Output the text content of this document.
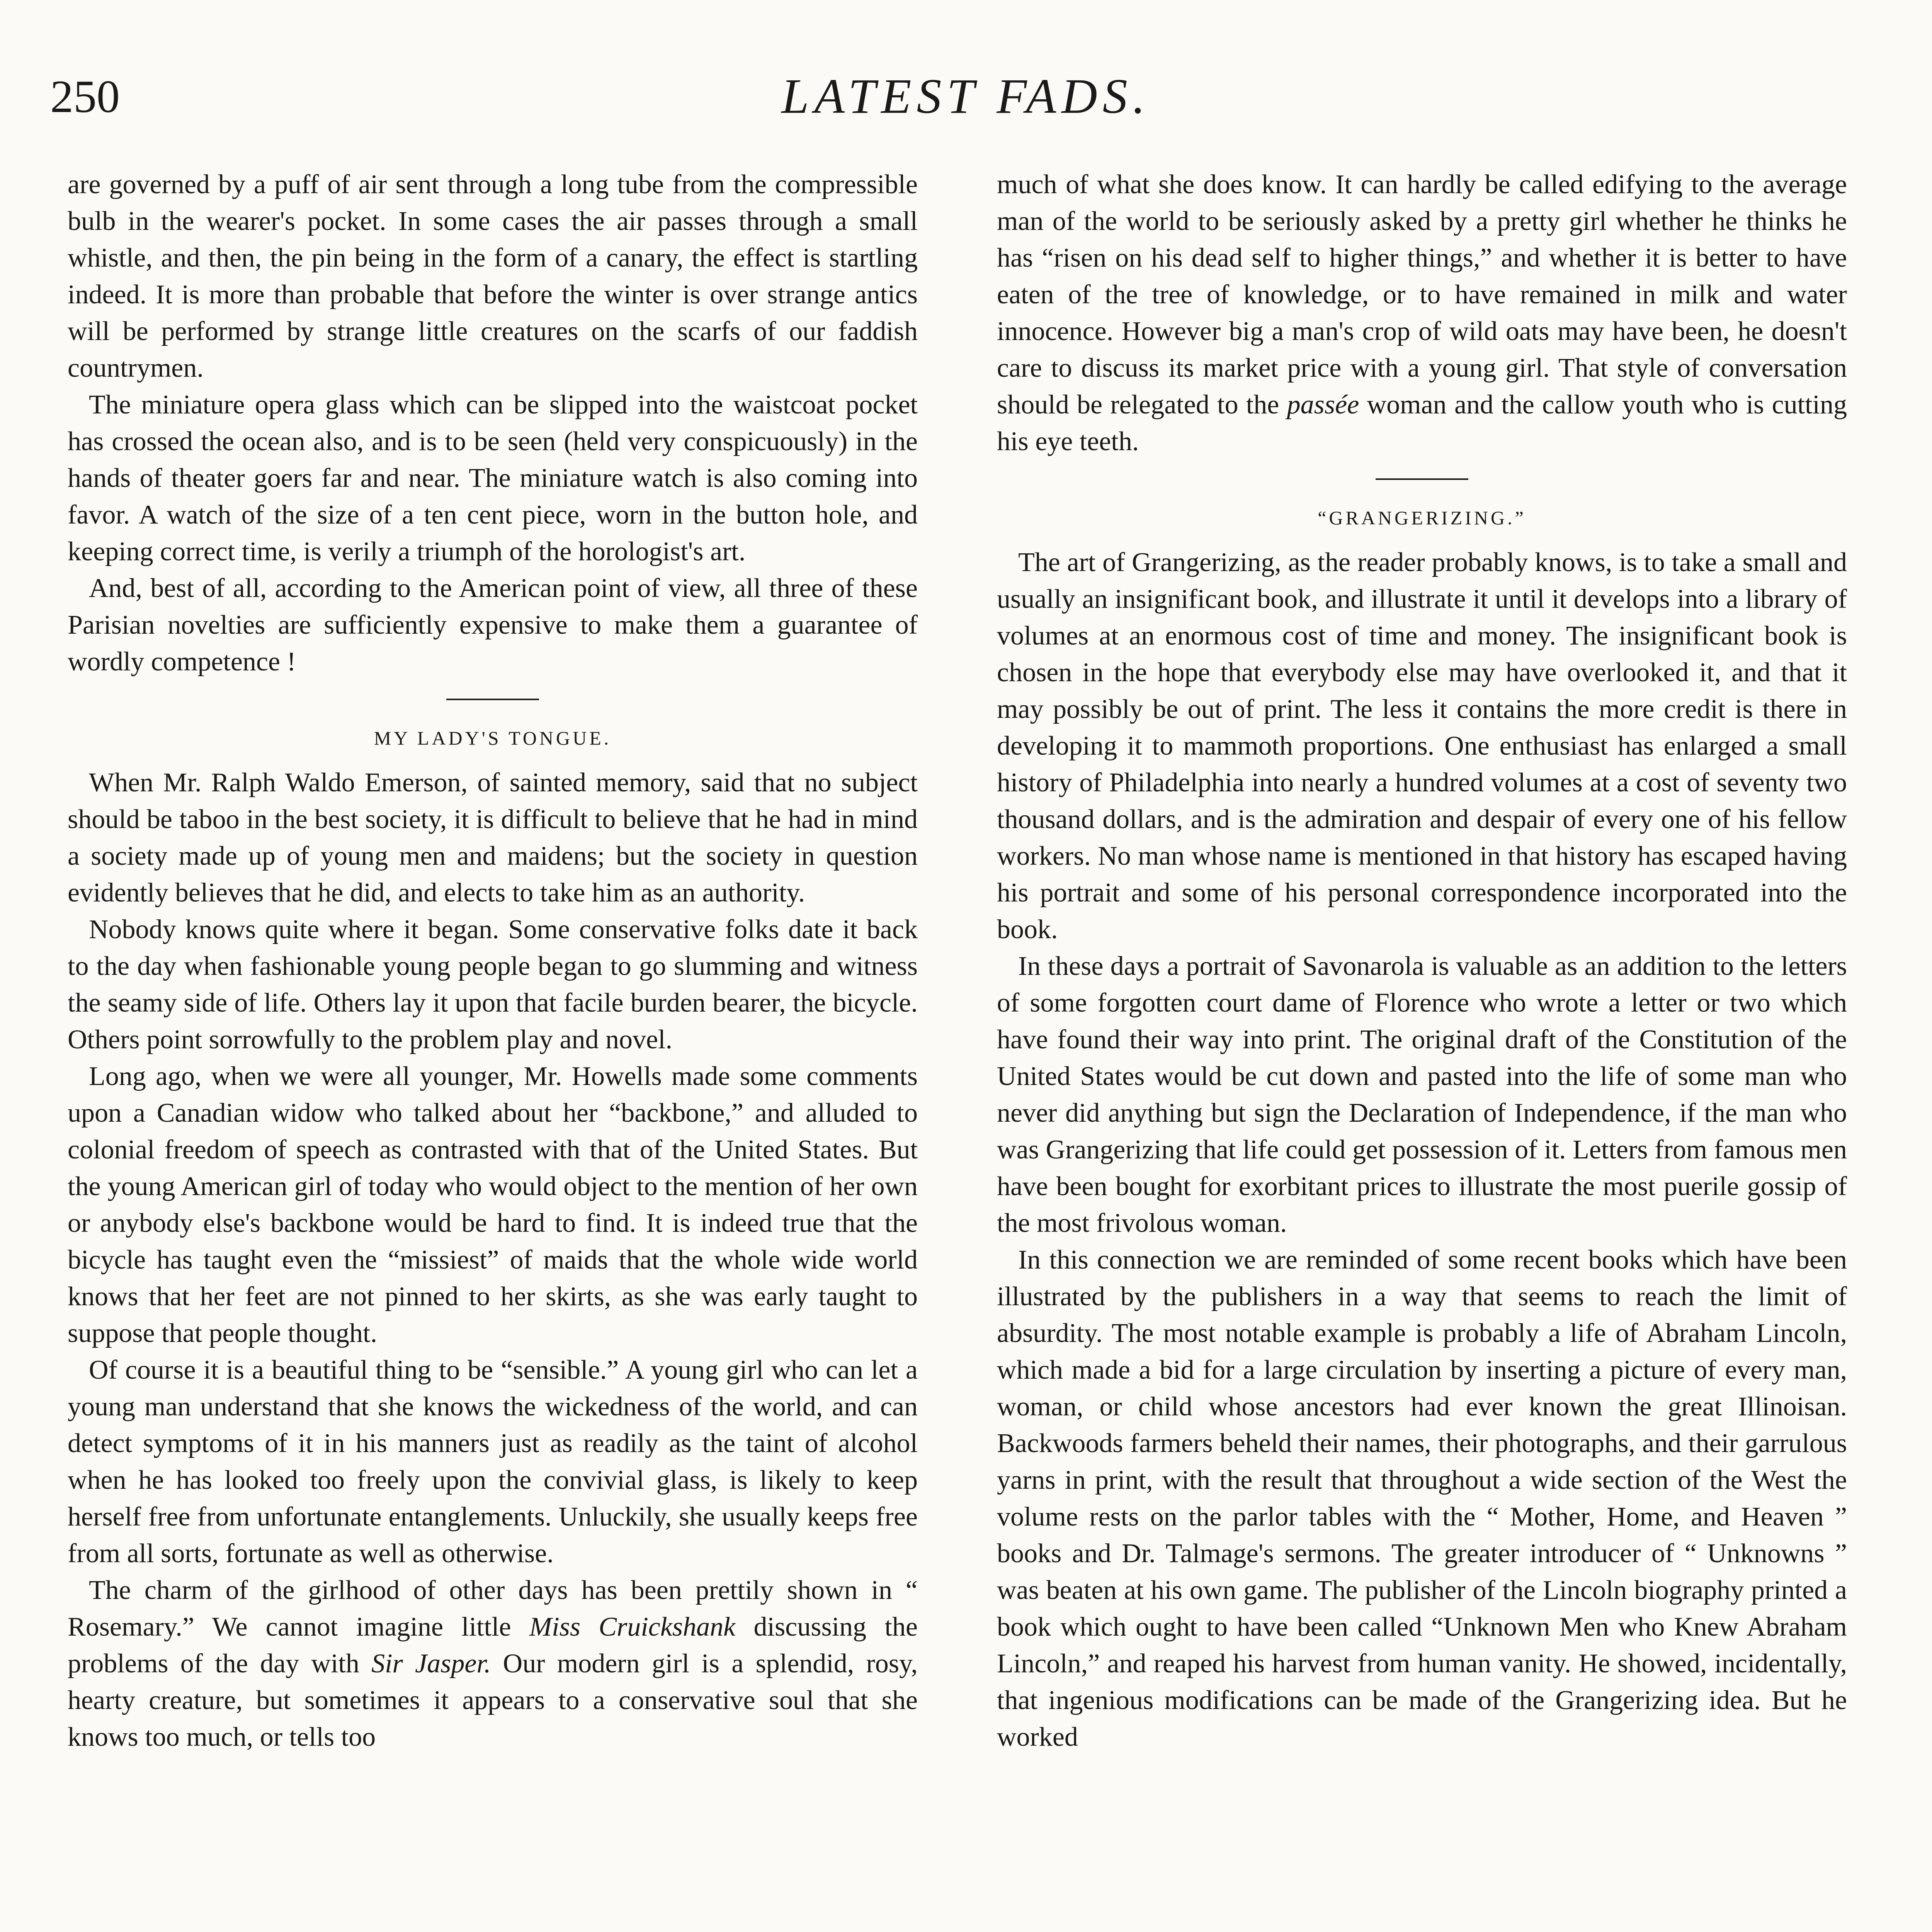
250	LATEST FADS.

are governed by a puff of air sent through a long tube from the compressible bulb in the wearer's pocket. In some cases the air passes through a small whistle, and then, the pin being in the form of a canary, the effect is startling indeed. It is more than probable that before the winter is over strange antics will be performed by strange little creatures on the scarfs of our faddish countrymen.

The miniature opera glass which can be slipped into the waistcoat pocket has crossed the ocean also, and is to be seen (held very conspicuously) in the hands of theater goers far and near. The miniature watch is also coming into favor. A watch of the size of a ten cent piece, worn in the button hole, and keeping correct time, is verily a triumph of the horologist's art.

And, best of all, according to the American point of view, all three of these Parisian novelties are sufficiently expensive to make them a guarantee of wordly competence !

MY LADY'S TONGUE.

When Mr. Ralph Waldo Emerson, of sainted memory, said that no subject should be taboo in the best society, it is difficult to believe that he had in mind a society made up of young men and maidens; but the society in question evidently believes that he did, and elects to take him as an authority.

Nobody knows quite where it began. Some conservative folks date it back to the day when fashionable young people began to go slumming and witness the seamy side of life. Others lay it upon that facile burden bearer, the bicycle. Others point sorrowfully to the problem play and novel.

Long ago, when we were all younger, Mr. Howells made some comments upon a Canadian widow who talked about her “backbone,” and alluded to colonial freedom of speech as contrasted with that of the United States. But the young American girl of today who would object to the mention of her own or anybody else's backbone would be hard to find. It is indeed true that the bicycle has taught even the “missiest” of maids that the whole wide world knows that her feet are not pinned to her skirts, as she was early taught to suppose that people thought.

Of course it is a beautiful thing to be “sensible.” A young girl who can let a young man understand that she knows the wickedness of the world, and can detect symptoms of it in his manners just as readily as the taint of alcohol when he has looked too freely upon the convivial glass, is likely to keep herself free from unfortunate entanglements. Unluckily, she usually keeps free from all sorts, fortunate as well as otherwise.

The charm of the girlhood of other days has been prettily shown in “ Rosemary.” We cannot imagine little Miss Cruickshank discussing the problems of the day with Sir Jasper. Our modern girl is a splendid, rosy, hearty creature, but sometimes it appears to a conservative soul that she knows too much, or tells too

much of what she does know. It can hardly be called edifying to the average man of the world to be seriously asked by a pretty girl whether he thinks he has “risen on his dead self to higher things,” and whether it is better to have eaten of the tree of knowledge, or to have remained in milk and water innocence. However big a man's crop of wild oats may have been, he doesn't care to discuss its market price with a young girl. That style of conversation should be relegated to the passée woman and the callow youth who is cutting his eye teeth.

“GRANGERIZING.”

The art of Grangerizing, as the reader probably knows, is to take a small and usually an insignificant book, and illustrate it until it develops into a library of volumes at an enormous cost of time and money. The insignificant book is chosen in the hope that everybody else may have overlooked it, and that it may possibly be out of print. The less it contains the more credit is there in developing it to mammoth proportions. One enthusiast has enlarged a small history of Philadelphia into nearly a hundred volumes at a cost of seventy two thousand dollars, and is the admiration and despair of every one of his fellow workers. No man whose name is mentioned in that history has escaped having his portrait and some of his personal correspondence incorporated into the book.

In these days a portrait of Savonarola is valuable as an addition to the letters of some forgotten court dame of Florence who wrote a letter or two which have found their way into print. The original draft of the Constitution of the United States would be cut down and pasted into the life of some man who never did anything but sign the Declaration of Independence, if the man who was Grangerizing that life could get possession of it. Letters from famous men have been bought for exorbitant prices to illustrate the most puerile gossip of the most frivolous woman.

In this connection we are reminded of some recent books which have been illustrated by the publishers in a way that seems to reach the limit of absurdity. The most notable example is probably a life of Abraham Lincoln, which made a bid for a large circulation by inserting a picture of every man, woman, or child whose ancestors had ever known the great Illinoisan. Backwoods farmers beheld their names, their photographs, and their garrulous yarns in print, with the result that throughout a wide section of the West the volume rests on the parlor tables with the “ Mother, Home, and Heaven ” books and Dr. Talmage's sermons. The greater introducer of “ Unknowns ” was beaten at his own game. The publisher of the Lincoln biography printed a book which ought to have been called “Unknown Men who Knew Abraham Lincoln,” and reaped his harvest from human vanity. He showed, incidentally, that ingenious modifications can be made of the Grangerizing idea. But he worked
